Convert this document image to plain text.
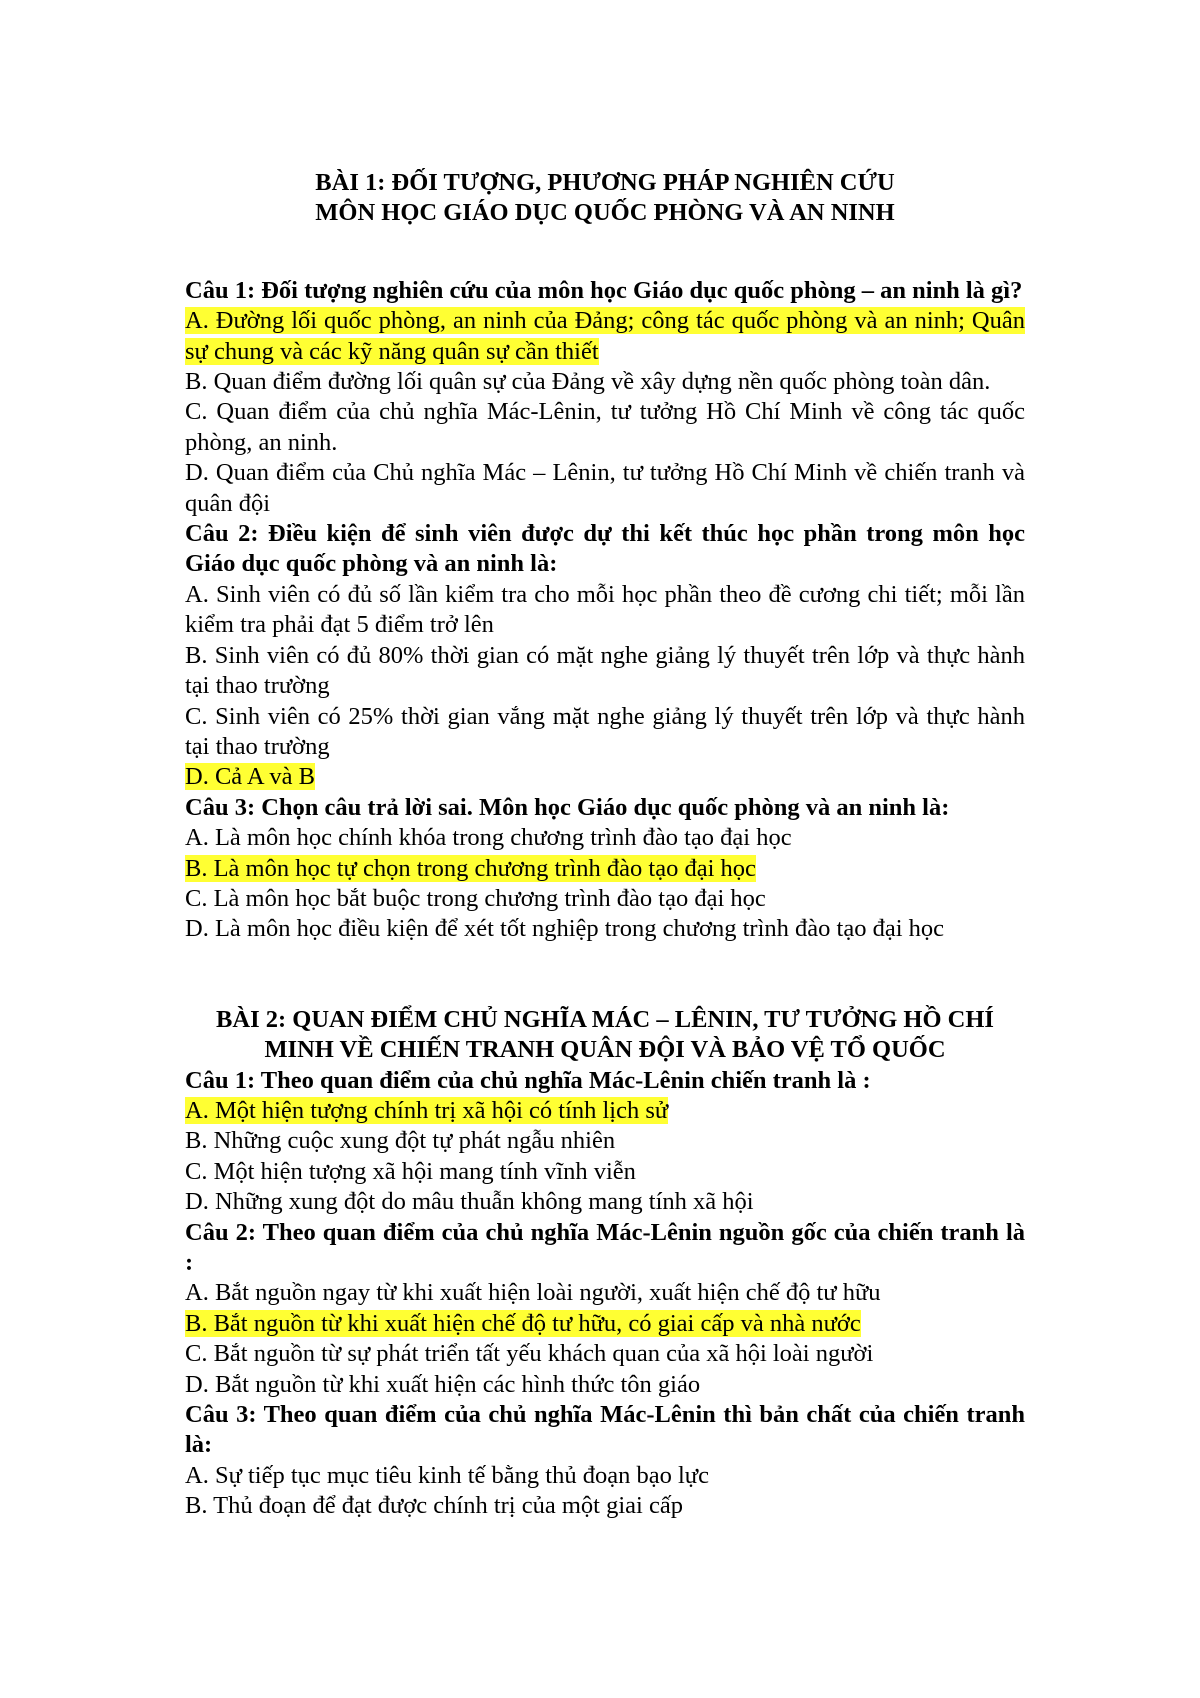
BÀI 1: ĐỐI TƯỢNG, PHƯƠNG PHÁP NGHIÊN CỨU
MÔN HỌC GIÁO DỤC QUỐC PHÒNG VÀ AN NINH

Câu 1: Đối tượng nghiên cứu của môn học Giáo dục quốc phòng – an ninh là gì?

A. Đường lối quốc phòng, an ninh của Đảng; công tác quốc phòng và an ninh; Quân sự chung và các kỹ năng quân sự cần thiết

B. Quan điểm đường lối quân sự của Đảng về xây dựng nền quốc phòng toàn dân.

C. Quan điểm của chủ nghĩa Mác-Lênin, tư tưởng Hồ Chí Minh về công tác quốc phòng, an ninh.

D. Quan điểm của Chủ nghĩa Mác – Lênin, tư tưởng Hồ Chí Minh về chiến tranh và quân đội

Câu 2: Điều kiện để sinh viên được dự thi kết thúc học phần trong môn học Giáo dục quốc phòng và an ninh là:

A. Sinh viên có đủ số lần kiểm tra cho mỗi học phần theo đề cương chi tiết; mỗi lần kiểm tra phải đạt 5 điểm trở lên

B. Sinh viên có đủ 80% thời gian có mặt nghe giảng lý thuyết trên lớp và thực hành tại thao trường

C. Sinh viên có 25% thời gian vắng mặt nghe giảng lý thuyết trên lớp và thực hành tại thao trường

D. Cả A và B

Câu 3: Chọn câu trả lời sai. Môn học Giáo dục quốc phòng và an ninh là:

A. Là môn học chính khóa trong chương trình đào tạo đại học

B. Là môn học tự chọn trong chương trình đào tạo đại học

C. Là môn học bắt buộc trong chương trình đào tạo đại học

D. Là môn học điều kiện để xét tốt nghiệp trong chương trình đào tạo đại học

BÀI 2: QUAN ĐIỂM CHỦ NGHĨA MÁC – LÊNIN, TƯ TƯỞNG HỒ CHÍ MINH VỀ CHIẾN TRANH QUÂN ĐỘI VÀ BẢO VỆ TỔ QUỐC

Câu 1: Theo quan điểm của chủ nghĩa Mác-Lênin chiến tranh là :

A. Một hiện tượng chính trị xã hội có tính lịch sử

B. Những cuộc xung đột tự phát ngẫu nhiên

C. Một hiện tượng xã hội mang tính vĩnh viễn

D. Những xung đột do mâu thuẫn không mang tính xã hội

Câu 2: Theo quan điểm của chủ nghĩa Mác-Lênin nguồn gốc của chiến tranh là :

A. Bắt nguồn ngay từ khi xuất hiện loài người, xuất hiện chế độ tư hữu

B. Bắt nguồn từ khi xuất hiện chế độ tư hữu, có giai cấp và nhà nước

C. Bắt nguồn từ sự phát triển tất yếu khách quan của xã hội loài người

D. Bắt nguồn từ khi xuất hiện các hình thức tôn giáo

Câu 3: Theo quan điểm của chủ nghĩa Mác-Lênin thì bản chất của chiến tranh là:

A. Sự tiếp tục mục tiêu kinh tế bằng thủ đoạn bạo lực

B. Thủ đoạn để đạt được chính trị của một giai cấp
